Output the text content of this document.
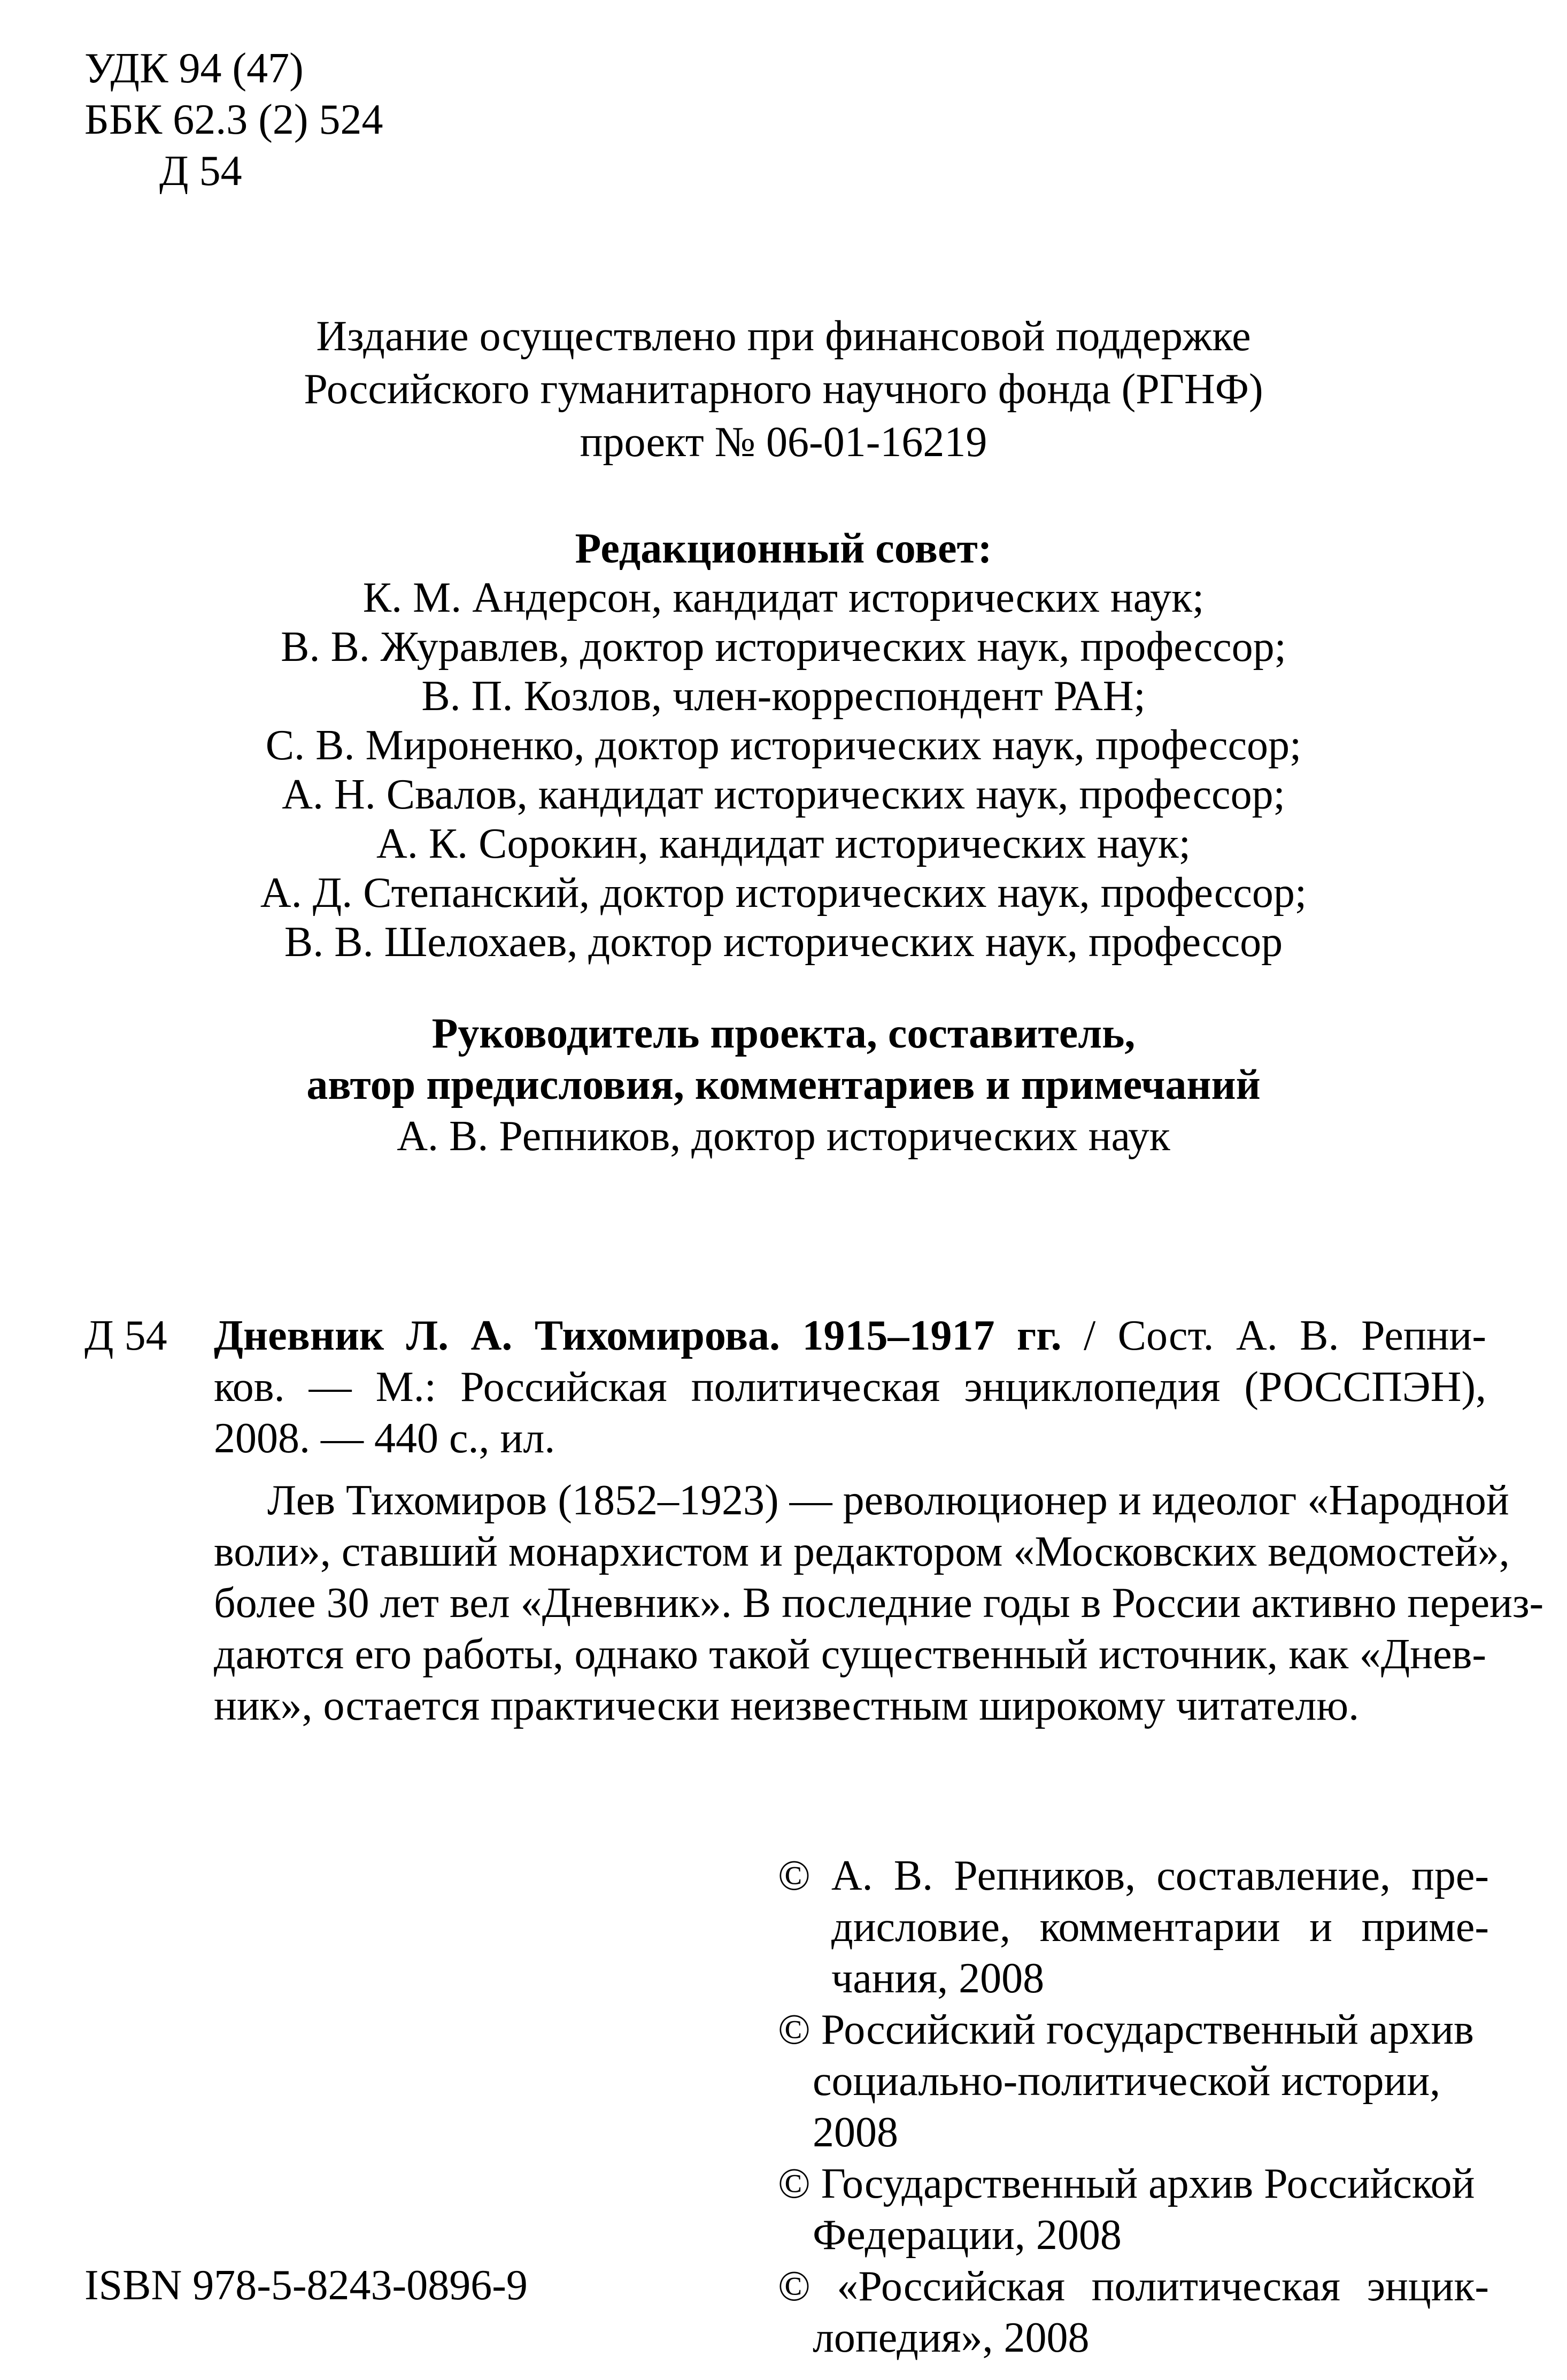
УДК 94 (47)
ББК 62.3 (2) 524
Д 54
Издание осуществлено при финансовой поддержке
Российского гуманитарного научного фонда (РГНФ)
проект № 06-01-16219
Редакционный совет:
К. М. Андерсон, кандидат исторических наук;
В. В. Журавлев, доктор исторических наук, профессор;
В. П. Козлов, член-корреспондент РАН;
С. В. Мироненко, доктор исторических наук, профессор;
А. Н. Свалов, кандидат исторических наук, профессор;
А. К. Сорокин, кандидат исторических наук;
А. Д. Степанский, доктор исторических наук, профессор;
В. В. Шелохаев, доктор исторических наук, профессор
Руководитель проекта, составитель,
автор предисловия, комментариев и примечаний
А. В. Репников, доктор исторических наук
Д 54 Дневник Л. А. Тихомирова. 1915–1917 гг. / Сост. А. В. Репни-
ков. — М.: Российская политическая энциклопедия (РОССПЭН),
2008. — 440 с., ил.
Лев Тихомиров (1852–1923) — революционер и идеолог «Народной
воли», ставший монархистом и редактором «Московских ведомостей»,
более 30 лет вел «Дневник». В последние годы в России активно переиз-
даются его работы, однако такой существенный источник, как «Днев-
ник», остается практически неизвестным широкому читателю.
© А. В. Репников, составление, пре-
дисловие, комментарии и приме-
чания, 2008
© Российский государственный архив
социально-политической истории,
2008
© Государственный архив Российской
Федерации, 2008
© «Российская политическая энцик-
лопедия», 2008
ISBN 978-5-8243-0896-9
